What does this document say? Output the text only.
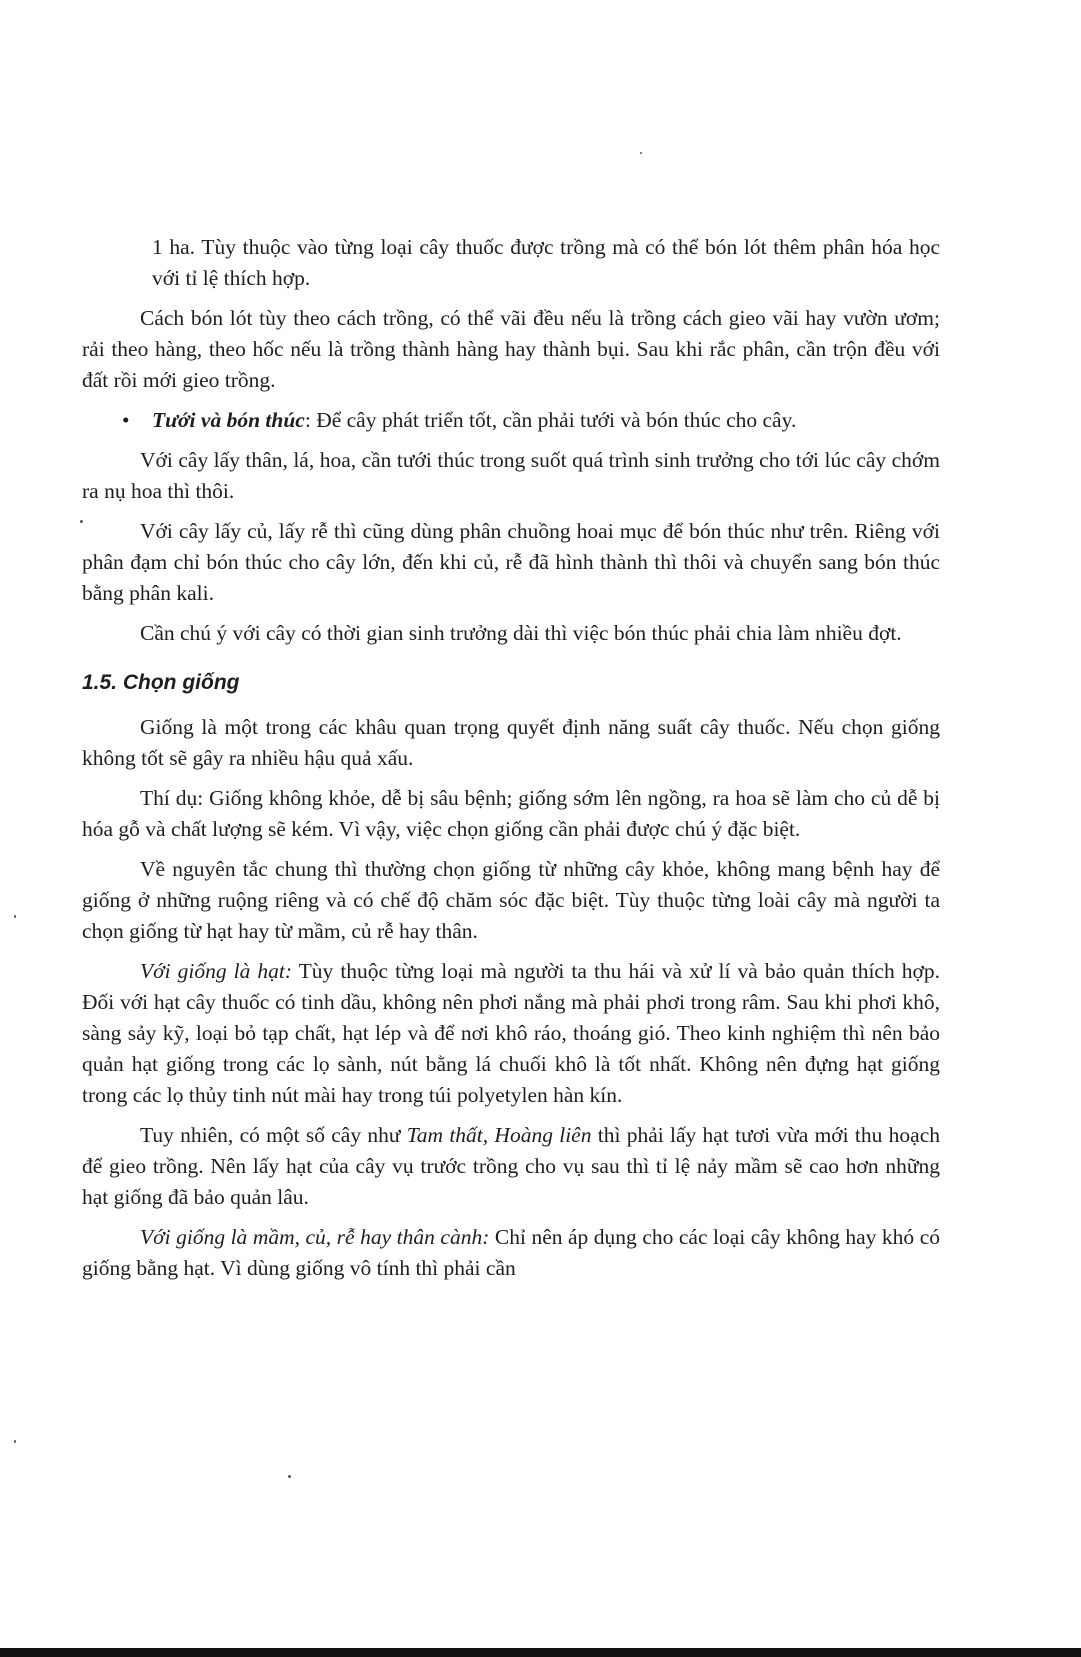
1 ha. Tùy thuộc vào từng loại cây thuốc được trồng mà có thể bón lót thêm phân hóa học với tỉ lệ thích hợp.

Cách bón lót tùy theo cách trồng, có thể vãi đều nếu là trồng cách gieo vãi hay vườn ươm; rải theo hàng, theo hốc nếu là trồng thành hàng hay thành bụi. Sau khi rắc phân, cần trộn đều với đất rồi mới gieo trồng.

• Tưới và bón thúc: Để cây phát triển tốt, cần phải tưới và bón thúc cho cây.

Với cây lấy thân, lá, hoa, cần tưới thúc trong suốt quá trình sinh trưởng cho tới lúc cây chớm ra nụ hoa thì thôi.

Với cây lấy củ, lấy rễ thì cũng dùng phân chuồng hoai mục để bón thúc như trên. Riêng với phân đạm chỉ bón thúc cho cây lớn, đến khi củ, rễ đã hình thành thì thôi và chuyển sang bón thúc bằng phân kali.

Cần chú ý với cây có thời gian sinh trưởng dài thì việc bón thúc phải chia làm nhiều đợt.

1.5. Chọn giống

Giống là một trong các khâu quan trọng quyết định năng suất cây thuốc. Nếu chọn giống không tốt sẽ gây ra nhiều hậu quả xấu.

Thí dụ: Giống không khỏe, dễ bị sâu bệnh; giống sớm lên ngồng, ra hoa sẽ làm cho củ dễ bị hóa gỗ và chất lượng sẽ kém. Vì vậy, việc chọn giống cần phải được chú ý đặc biệt.

Về nguyên tắc chung thì thường chọn giống từ những cây khỏe, không mang bệnh hay để giống ở những ruộng riêng và có chế độ chăm sóc đặc biệt. Tùy thuộc từng loài cây mà người ta chọn giống từ hạt hay từ mầm, củ rễ hay thân.

Với giống là hạt: Tùy thuộc từng loại mà người ta thu hái và xử lí và bảo quản thích hợp. Đối với hạt cây thuốc có tinh dầu, không nên phơi nắng mà phải phơi trong râm. Sau khi phơi khô, sàng sảy kỹ, loại bỏ tạp chất, hạt lép và để nơi khô ráo, thoáng gió. Theo kinh nghiệm thì nên bảo quản hạt giống trong các lọ sành, nút bằng lá chuối khô là tốt nhất. Không nên đựng hạt giống trong các lọ thủy tinh nút mài hay trong túi polyetylen hàn kín.

Tuy nhiên, có một số cây như Tam thất, Hoàng liên thì phải lấy hạt tươi vừa mới thu hoạch để gieo trồng. Nên lấy hạt của cây vụ trước trồng cho vụ sau thì tỉ lệ nảy mầm sẽ cao hơn những hạt giống đã bảo quản lâu.

Với giống là mầm, củ, rễ hay thân cành: Chỉ nên áp dụng cho các loại cây không hay khó có giống bằng hạt. Vì dùng giống vô tính thì phải cần
